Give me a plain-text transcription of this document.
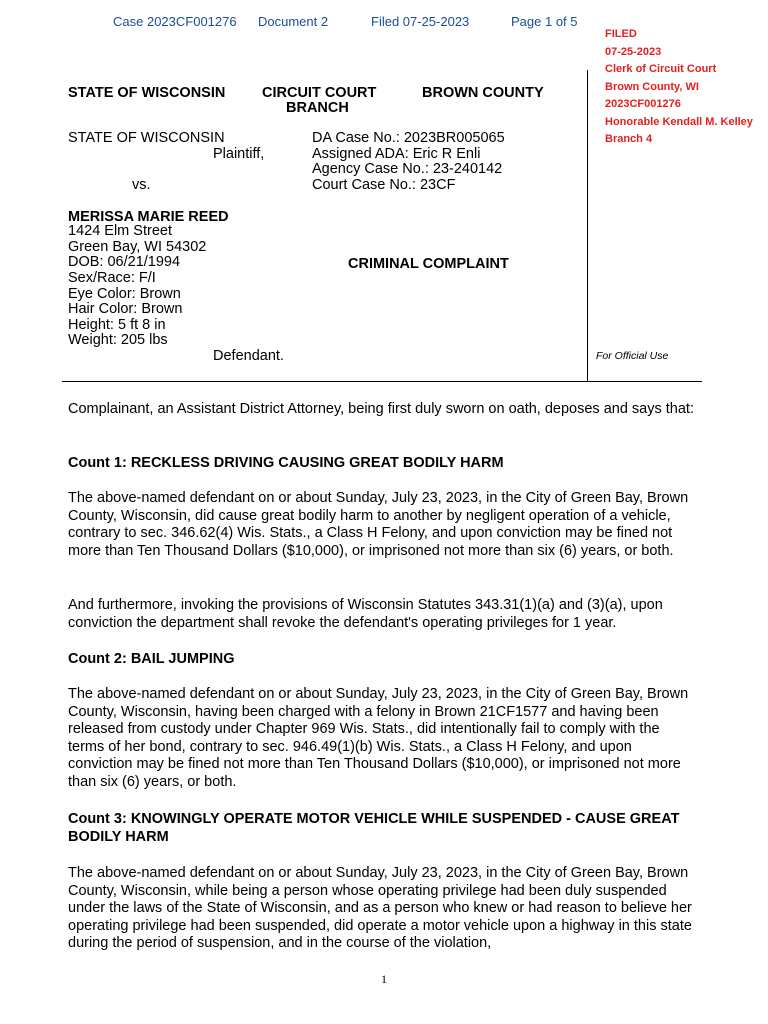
Case 2023CF001276 Document 2	Filed 07-25-2023	Page 1 of 5
FILED
07-25-2023
Clerk of Circuit Court
Brown County, WI
2023CF001276
Honorable Kendall M. Kelley
Branch 4
STATE OF WISCONSIN	CIRCUIT COURT
BRANCH
BROWN COUNTY
STATE OF WISCONSIN
Plaintiff,
vs.
DA Case No.: 2023BR005065
Assigned ADA: Eric R Enli
Agency Case No.: 23-240142
Court Case No.: 23CF
MERISSA MARIE REED
1424 Elm Street
Green Bay, WI 54302
DOB: 06/21/1994
Sex/Race: F/I
Eye Color: Brown
Hair Color: Brown
Height: 5 ft 8 in
Weight: 205 lbs
Defendant.
CRIMINAL COMPLAINT
For Official Use
Complainant, an Assistant District Attorney, being first duly sworn on oath, deposes and says that:
Count 1: RECKLESS DRIVING CAUSING GREAT BODILY HARM
The above-named defendant on or about Sunday, July 23, 2023, in the City of Green Bay, Brown County, Wisconsin, did cause great bodily harm to another by negligent operation of a vehicle, contrary to sec. 346.62(4) Wis. Stats., a Class H Felony, and upon conviction may be fined not more than Ten Thousand Dollars ($10,000), or imprisoned not more than six (6) years, or both.
And furthermore, invoking the provisions of Wisconsin Statutes 343.31(1)(a) and (3)(a), upon conviction the department shall revoke the defendant's operating privileges for 1 year.
Count 2: BAIL JUMPING
The above-named defendant on or about Sunday, July 23, 2023, in the City of Green Bay, Brown County, Wisconsin, having been charged with a felony in Brown 21CF1577 and having been released from custody under Chapter 969 Wis. Stats., did intentionally fail to comply with the terms of her bond, contrary to sec. 946.49(1)(b) Wis. Stats., a Class H Felony, and upon conviction may be fined not more than Ten Thousand Dollars ($10,000), or imprisoned not more than six (6) years, or both.
Count 3: KNOWINGLY OPERATE MOTOR VEHICLE WHILE SUSPENDED - CAUSE GREAT BODILY HARM
The above-named defendant on or about Sunday, July 23, 2023, in the City of Green Bay, Brown County, Wisconsin, while being a person whose operating privilege had been duly suspended under the laws of the State of Wisconsin, and as a person who knew or had reason to believe her operating privilege had been suspended, did operate a motor vehicle upon a highway in this state during the period of suspension, and in the course of the violation,
1
